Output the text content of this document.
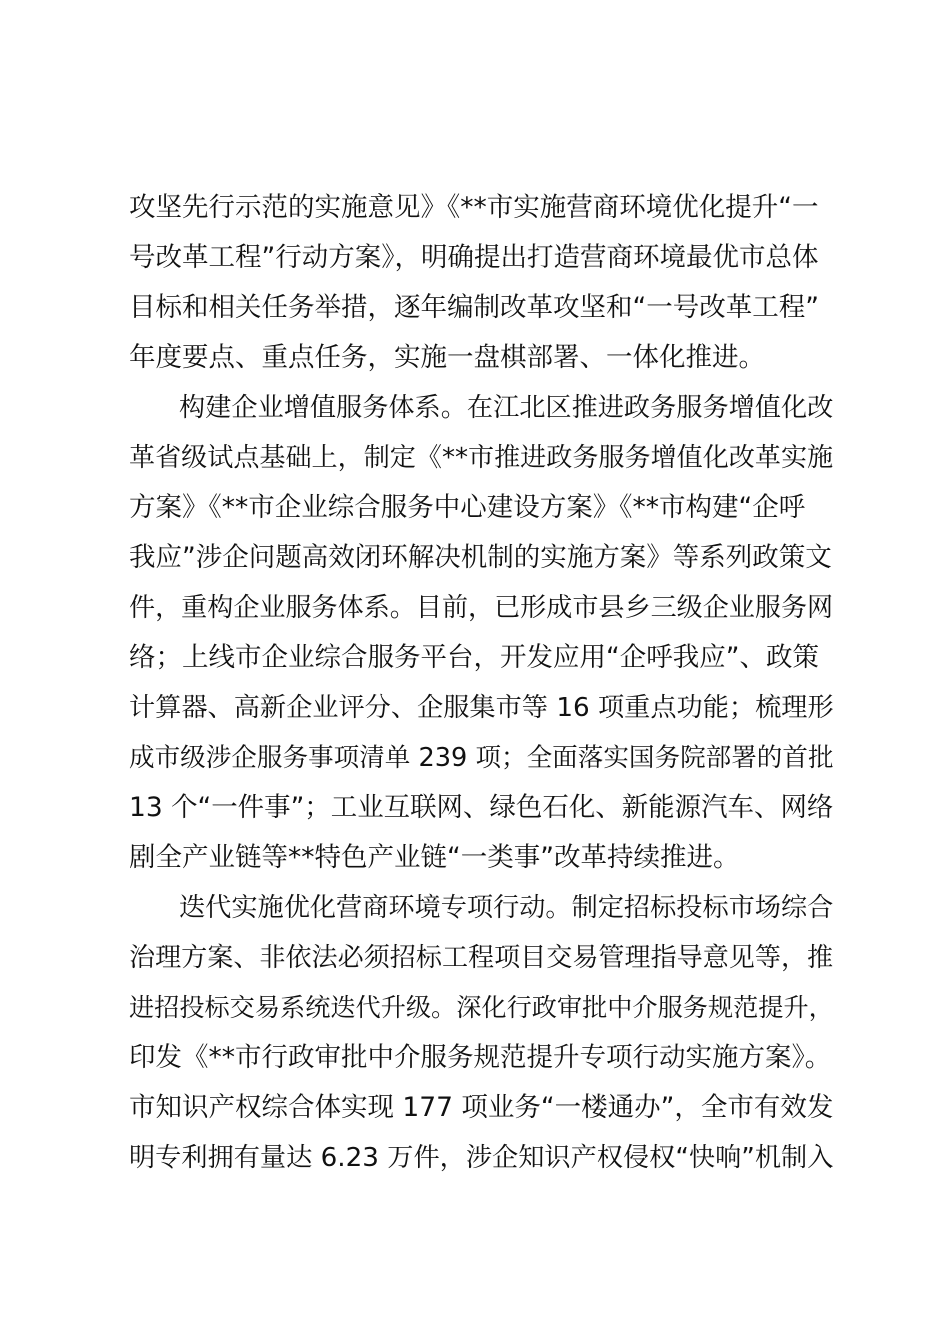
攻坚先行示范的实施意见》《**市实施营商环境优化提升“一
号改革工程”行动方案》，明确提出打造营商环境最优市总体
目标和相关任务举措，逐年编制改革攻坚和“一号改革工程”
年度要点、重点任务，实施一盘棋部署、一体化推进。
构建企业增值服务体系。在江北区推进政务服务增值化改
革省级试点基础上，制定《**市推进政务服务增值化改革实施
方案》《**市企业综合服务中心建设方案》《**市构建“企呼
我应”涉企问题高效闭环解决机制的实施方案》等系列政策文
件，重构企业服务体系。目前，已形成市县乡三级企业服务网
络；上线市企业综合服务平台，开发应用“企呼我应”、政策
计算器、高新企业评分、企服集市等 16 项重点功能；梳理形
成市级涉企服务事项清单 239 项；全面落实国务院部署的首批
13 个“一件事”；工业互联网、绿色石化、新能源汽车、网络
剧全产业链等**特色产业链“一类事”改革持续推进。
迭代实施优化营商环境专项行动。制定招标投标市场综合
治理方案、非依法必须招标工程项目交易管理指导意见等，推
进招投标交易系统迭代升级。深化行政审批中介服务规范提升，
印发《**市行政审批中介服务规范提升专项行动实施方案》。
市知识产权综合体实现 177 项业务“一楼通办”，全市有效发
明专利拥有量达 6.23 万件，涉企知识产权侵权“快响”机制入
